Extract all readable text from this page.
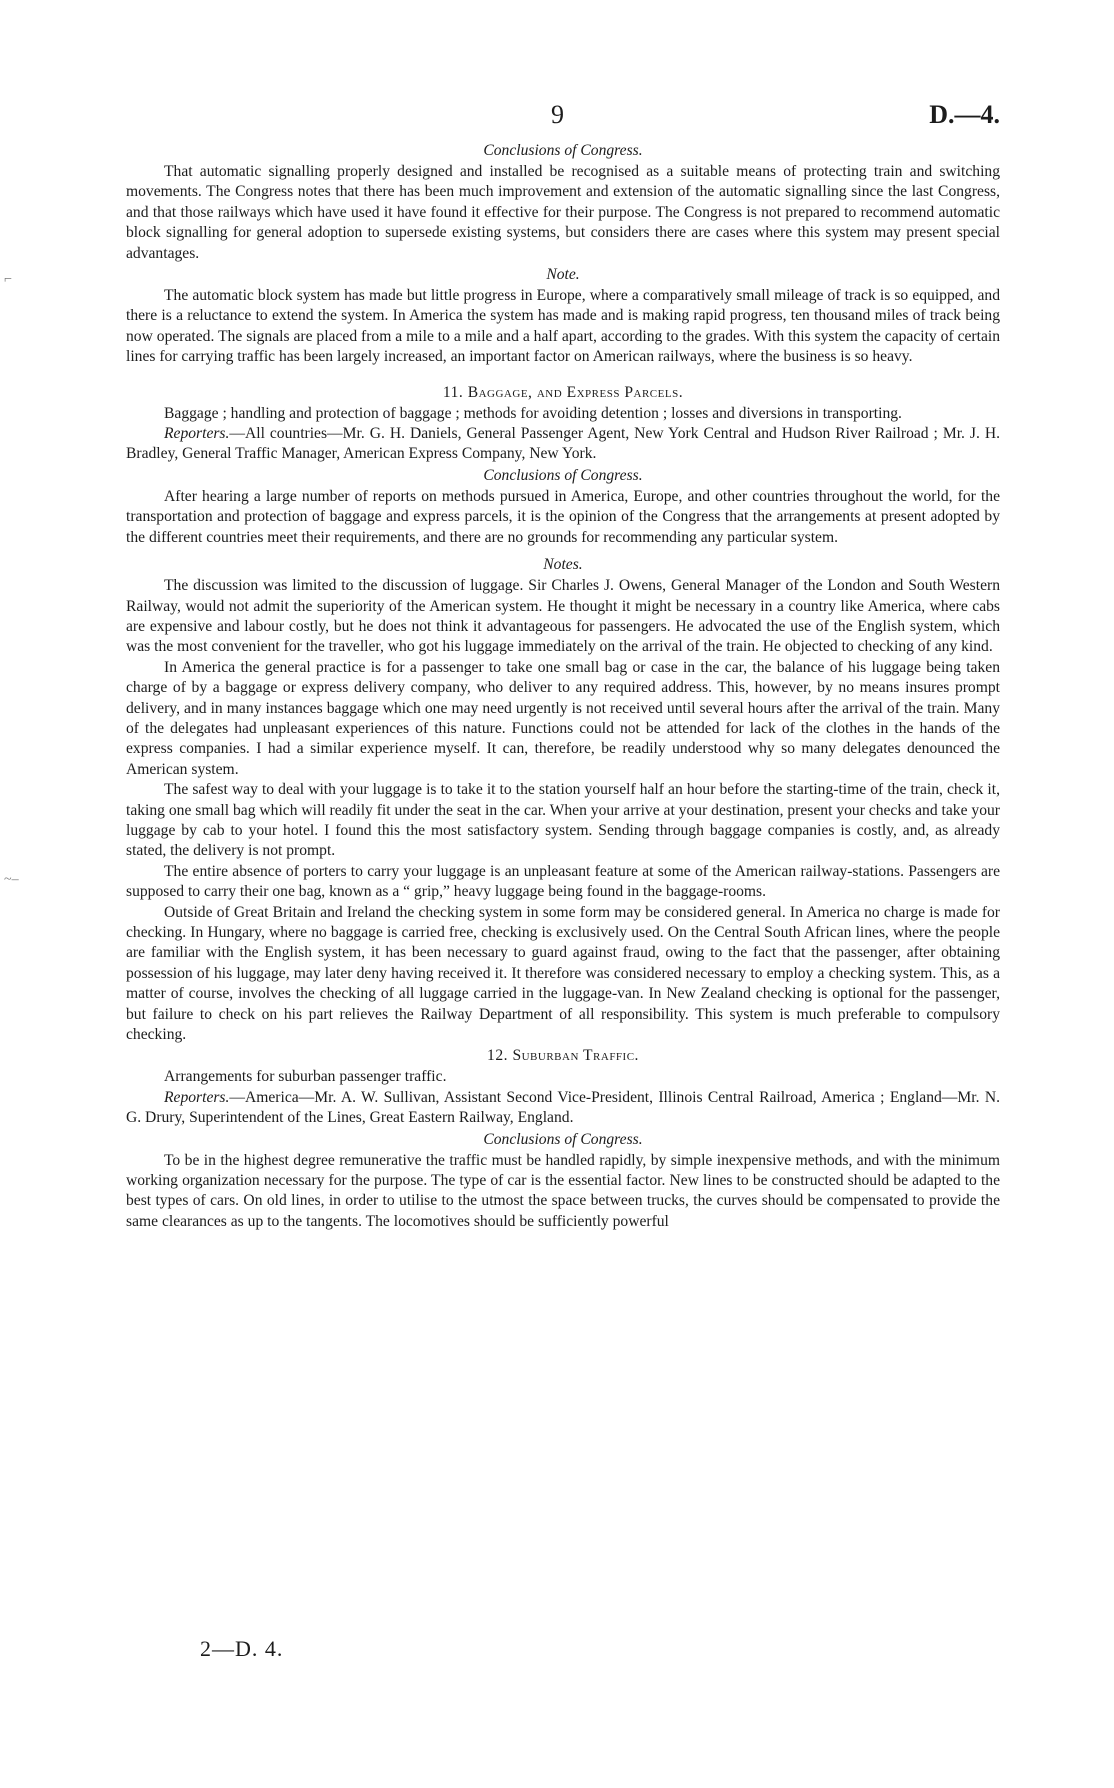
⌐
~–
9	D.—4.

Conclusions of Congress.

That automatic signalling properly designed and installed be recognised as a suitable means of protecting train and switching movements. The Congress notes that there has been much improvement and extension of the automatic signalling since the last Congress, and that those railways which have used it have found it effective for their purpose. The Congress is not prepared to recommend automatic block signalling for general adoption to supersede existing systems, but considers there are cases where this system may present special advantages.

Note.

The automatic block system has made but little progress in Europe, where a comparatively small mileage of track is so equipped, and there is a reluctance to extend the system. In America the system has made and is making rapid progress, ten thousand miles of track being now operated. The signals are placed from a mile to a mile and a half apart, according to the grades. With this system the capacity of certain lines for carrying traffic has been largely increased, an important factor on American railways, where the business is so heavy.

11. Baggage, and Express Parcels.

Baggage ; handling and protection of baggage ; methods for avoiding detention ; losses and diversions in transporting.

Reporters.—All countries—Mr. G. H. Daniels, General Passenger Agent, New York Central and Hudson River Railroad ; Mr. J. H. Bradley, General Traffic Manager, American Express Company, New York.

Conclusions of Congress.

After hearing a large number of reports on methods pursued in America, Europe, and other countries throughout the world, for the transportation and protection of baggage and express parcels, it is the opinion of the Congress that the arrangements at present adopted by the different countries meet their requirements, and there are no grounds for recommending any particular system.

Notes.

The discussion was limited to the discussion of luggage. Sir Charles J. Owens, General Manager of the London and South Western Railway, would not admit the superiority of the American system. He thought it might be necessary in a country like America, where cabs are expensive and labour costly, but he does not think it advantageous for passengers. He advocated the use of the English system, which was the most convenient for the traveller, who got his luggage immediately on the arrival of the train. He objected to checking of any kind.

In America the general practice is for a passenger to take one small bag or case in the car, the balance of his luggage being taken charge of by a baggage or express delivery company, who deliver to any required address. This, however, by no means insures prompt delivery, and in many instances baggage which one may need urgently is not received until several hours after the arrival of the train. Many of the delegates had unpleasant experiences of this nature. Functions could not be attended for lack of the clothes in the hands of the express companies. I had a similar experience myself. It can, therefore, be readily understood why so many delegates denounced the American system.

The safest way to deal with your luggage is to take it to the station yourself half an hour before the starting-time of the train, check it, taking one small bag which will readily fit under the seat in the car. When your arrive at your destination, present your checks and take your luggage by cab to your hotel. I found this the most satisfactory system. Sending through baggage companies is costly, and, as already stated, the delivery is not prompt.

The entire absence of porters to carry your luggage is an unpleasant feature at some of the American railway-stations. Passengers are supposed to carry their one bag, known as a “ grip,” heavy luggage being found in the baggage-rooms.

Outside of Great Britain and Ireland the checking system in some form may be considered general. In America no charge is made for checking. In Hungary, where no baggage is carried free, checking is exclusively used. On the Central South African lines, where the people are familiar with the English system, it has been necessary to guard against fraud, owing to the fact that the passenger, after obtaining possession of his luggage, may later deny having received it. It therefore was considered necessary to employ a checking system. This, as a matter of course, involves the checking of all luggage carried in the luggage-van. In New Zealand checking is optional for the passenger, but failure to check on his part relieves the Railway Department of all responsibility. This system is much preferable to compulsory checking.

12. Suburban Traffic.

Arrangements for suburban passenger traffic.

Reporters.—America—Mr. A. W. Sullivan, Assistant Second Vice-President, Illinois Central Railroad, America ; England—Mr. N. G. Drury, Superintendent of the Lines, Great Eastern Railway, England.

Conclusions of Congress.

To be in the highest degree remunerative the traffic must be handled rapidly, by simple inexpensive methods, and with the minimum working organization necessary for the purpose. The type of car is the essential factor. New lines to be constructed should be adapted to the best types of cars. On old lines, in order to utilise to the utmost the space between trucks, the curves should be compensated to provide the same clearances as up to the tangents. The locomotives should be sufficiently powerful

2—D. 4.
